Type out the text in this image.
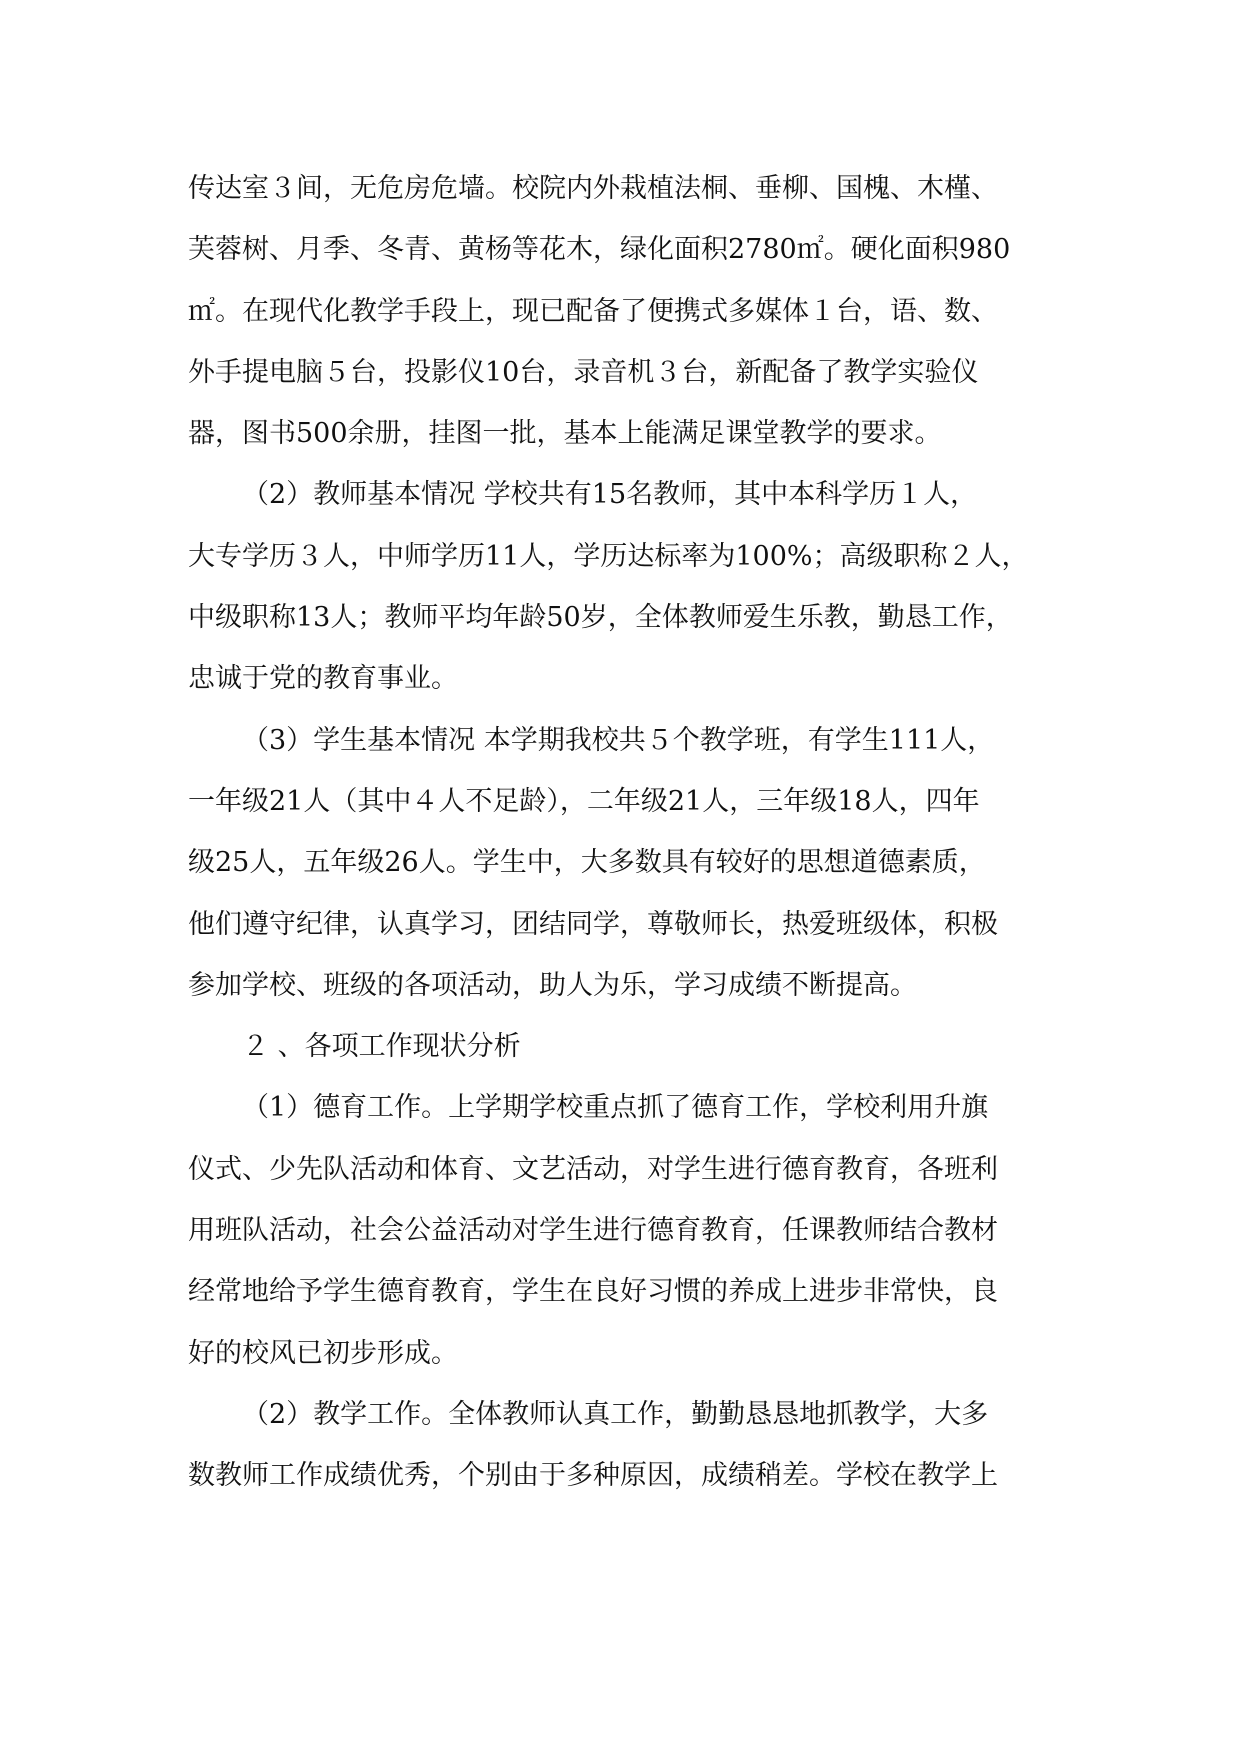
传达室３间，无危房危墙。校院内外栽植法桐、垂柳、国槐、木槿、
芙蓉树、月季、冬青、黄杨等花木，绿化面积2780㎡。硬化面积980
㎡。在现代化教学手段上，现已配备了便携式多媒体１台，语、数、
外手提电脑５台，投影仪10台，录音机３台，新配备了教学实验仪
器，图书500余册，挂图一批，基本上能满足课堂教学的要求。
（2）教师基本情况 学校共有15名教师，其中本科学历１人，
大专学历３人，中师学历11人，学历达标率为100%；高级职称２人，
中级职称13人；教师平均年龄50岁，全体教师爱生乐教，勤恳工作，
忠诚于党的教育事业。
（3）学生基本情况 本学期我校共５个教学班，有学生111人，
一年级21人（其中４人不足龄），二年级21人，三年级18人，四年
级25人，五年级26人。学生中，大多数具有较好的思想道德素质，
他们遵守纪律，认真学习，团结同学，尊敬师长，热爱班级体，积极
参加学校、班级的各项活动，助人为乐，学习成绩不断提高。
２ 、各项工作现状分析
（1）德育工作。上学期学校重点抓了德育工作，学校利用升旗
仪式、少先队活动和体育、文艺活动，对学生进行德育教育，各班利
用班队活动，社会公益活动对学生进行德育教育，任课教师结合教材
经常地给予学生德育教育，学生在良好习惯的养成上进步非常快，良
好的校风已初步形成。
（2）教学工作。全体教师认真工作，勤勤恳恳地抓教学，大多
数教师工作成绩优秀，个别由于多种原因，成绩稍差。学校在教学上
